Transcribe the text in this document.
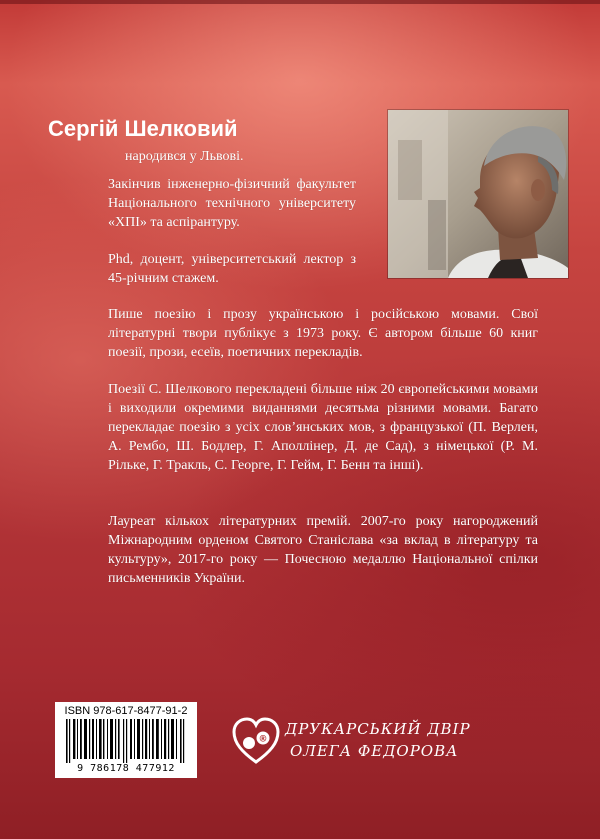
Сергій Шелковий
народився у Львові.
Закінчив інженерно-фізичний факультет Національного технічного університету «ХПІ» та аспірантуру.
Phd, доцент, університетський лектор з 45-річним стажем.
Пише поезію і прозу українською і російською мовами. Свої літературні твори публікує з 1973 року. Є автором більше 60 книг поезії, прози, есеїв, поетичних перекладів.
Поезії С. Шелкового перекладені більше ніж 20 європейськими мовами і виходили окремими виданнями десятьма різними мовами. Багато перекладає поезію з усіх слов’янських мов, з французької (П. Верлен, А. Рембо, Ш. Бодлер, Г. Аполлінер, Д. де Сад), з німецької (Р. М. Рільке, Г. Тракль, С. Георге, Г. Гейм, Г. Бенн та інші).
Лауреат кількох літературних премій. 2007-го року нагороджений Міжнародним орденом Святого Станіслава «за вклад в літературу та культуру», 2017-го року — Почесною медаллю Національної спілки письменників України.
ISBN 978-617-8477-91-2
9 786178 477912
®
ДРУКАРСЬКИЙ ДВІР
ОЛЕГА ФЕДОРОВА
